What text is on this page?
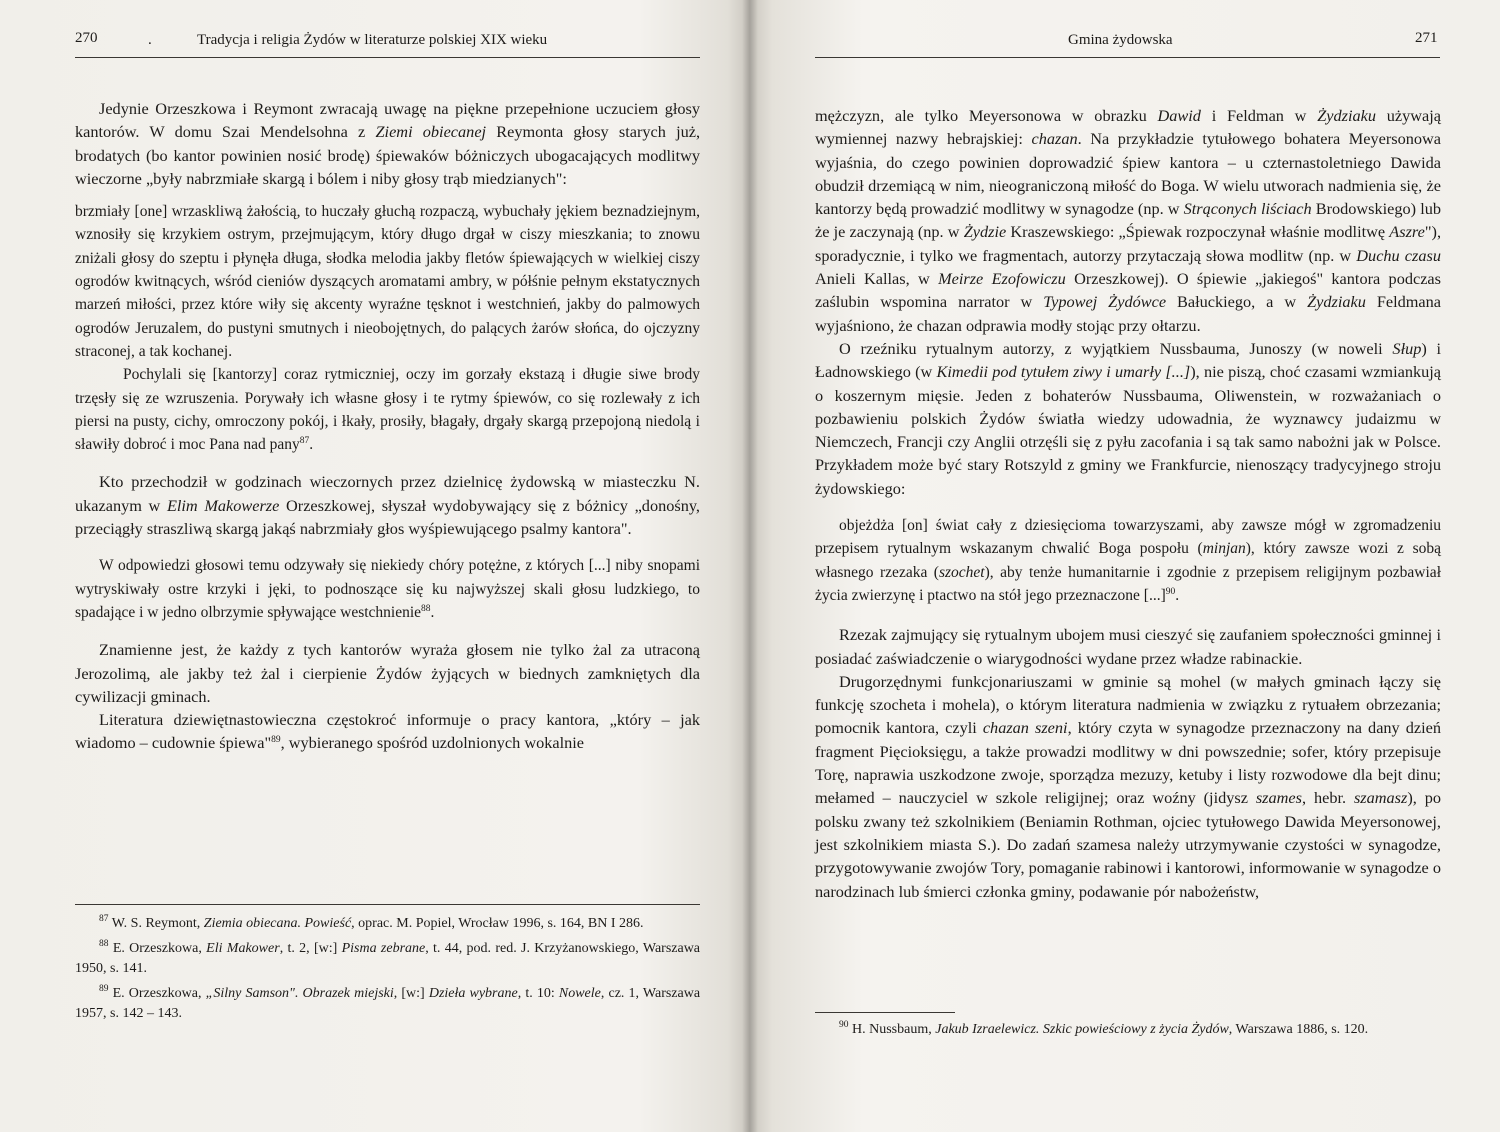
270	.	Tradycja i religia Żydów w literaturze polskiej XIX wieku

Jedynie Orzeszkowa i Reymont zwracają uwagę na piękne przepełnione uczuciem głosy kantorów. W domu Szai Mendelsohna z Ziemi obiecanej Reymonta głosy starych już, brodatych (bo kantor powinien nosić brodę) śpiewaków bóżniczych ubogacających modlitwy wieczorne „były nabrzmiałe skargą i bólem i niby głosy trąb miedzianych":

brzmiały [one] wrzaskliwą żałością, to huczały głuchą rozpaczą, wybuchały jękiem beznadziejnym, wznosiły się krzykiem ostrym, przejmującym, który długo drgał w ciszy mieszkania; to znowu zniżali głosy do szeptu i płynęła długa, słodka melodia jakby fletów śpiewających w wielkiej ciszy ogrodów kwitnących, wśród cieniów dyszących aromatami ambry, w półśnie pełnym ekstatycznych marzeń miłości, przez które wiły się akcenty wyraźne tęsknot i westchnień, jakby do palmowych ogrodów Jeruzalem, do pustyni smutnych i nieobojętnych, do palących żarów słońca, do ojczyzny straconej, a tak kochanej.

Pochylali się [kantorzy] coraz rytmiczniej, oczy im gorzały ekstazą i długie siwe brody trzęsły się ze wzruszenia. Porywały ich własne głosy i te rytmy śpiewów, co się rozlewały z ich piersi na pusty, cichy, omroczony pokój, i łkały, prosiły, błagały, drgały skargą przepojoną niedolą i sławiły dobroć i moc Pana nad pany$^{87}$.

Kto przechodził w godzinach wieczornych przez dzielnicę żydowską w miasteczku N. ukazanym w Elim Makowerze Orzeszkowej, słyszał wydobywający się z bóżnicy „donośny, przeciągły straszliwą skargą jakąś nabrzmiały głos wyśpiewującego psalmy kantora".

W odpowiedzi głosowi temu odzywały się niekiedy chóry potężne, z których [...] niby snopami wytryskiwały ostre krzyki i jęki, to podnoszące się ku najwyższej skali głosu ludzkiego, to spadające i w jedno olbrzymie spływające westchnienie$^{88}$.

Znamienne jest, że każdy z tych kantorów wyraża głosem nie tylko żal za utraconą Jerozolimą, ale jakby też żal i cierpienie Żydów żyjących w biednych zamkniętych dla cywilizacji gminach.

Literatura dziewiętnastowieczna częstokroć informuje o pracy kantora, „który – jak wiadomo – cudownie śpiewa"$^{89}$, wybieranego spośród uzdolnionych wokalnie

$^{87}$ W. S. Reymont, Ziemia obiecana. Powieść, oprac. M. Popiel, Wrocław 1996, s. 164, BN I 286.

$^{88}$ E. Orzeszkowa, Eli Makower, t. 2, [w:] Pisma zebrane, t. 44, pod. red. J. Krzyżanowskiego, Warszawa 1950, s. 141.

$^{89}$ E. Orzeszkowa, „Silny Samson". Obrazek miejski, [w:] Dzieła wybrane, t. 10: Nowele, cz. 1, Warszawa 1957, s. 142 – 143.

Gmina żydowska	271

mężczyzn, ale tylko Meyersonowa w obrazku Dawid i Feldman w Żydziaku używają wymiennej nazwy hebrajskiej: chazan. Na przykładzie tytułowego bohatera Meyersonowa wyjaśnia, do czego powinien doprowadzić śpiew kantora – u czternastoletniego Dawida obudził drzemiącą w nim, nieograniczoną miłość do Boga. W wielu utworach nadmienia się, że kantorzy będą prowadzić modlitwy w synagodze (np. w Strąconych liściach Brodowskiego) lub że je zaczynają (np. w Żydzie Kraszewskiego: „Śpiewak rozpoczynał właśnie modlitwę Aszre"), sporadycznie, i tylko we fragmentach, autorzy przytaczają słowa modlitw (np. w Duchu czasu Anieli Kallas, w Meirze Ezofowiczu Orzeszkowej). O śpiewie „jakiegoś" kantora podczas zaślubin wspomina narrator w Typowej Żydówce Bałuckiego, a w Żydziaku Feldmana wyjaśniono, że chazan odprawia modły stojąc przy ołtarzu.

O rzeźniku rytualnym autorzy, z wyjątkiem Nussbauma, Junoszy (w noweli Słup) i Ładnowskiego (w Kimedii pod tytułem ziwy i umarły [...]), nie piszą, choć czasami wzmiankują o koszernym mięsie. Jeden z bohaterów Nussbauma, Oliwenstein, w rozważaniach o pozbawieniu polskich Żydów światła wiedzy udowadnia, że wyznawcy judaizmu w Niemczech, Francji czy Anglii otrzęśli się z pyłu zacofania i są tak samo nabożni jak w Polsce. Przykładem może być stary Rotszyld z gminy we Frankfurcie, nienoszący tradycyjnego stroju żydowskiego:

objeżdża [on] świat cały z dziesięcioma towarzyszami, aby zawsze mógł w zgromadzeniu przepisem rytualnym wskazanym chwalić Boga pospołu (minjan), który zawsze wozi z sobą własnego rzezaka (szochet), aby tenże humanitarnie i zgodnie z przepisem religijnym pozbawiał życia zwierzynę i ptactwo na stół jego przeznaczone [...]$^{90}$.

Rzezak zajmujący się rytualnym ubojem musi cieszyć się zaufaniem społeczności gminnej i posiadać zaświadczenie o wiarygodności wydane przez władze rabinackie.

Drugorzędnymi funkcjonariuszami w gminie są mohel (w małych gminach łączy się funkcję szocheta i mohela), o którym literatura nadmienia w związku z rytuałem obrzezania; pomocnik kantora, czyli chazan szeni, który czyta w synagodze przeznaczony na dany dzień fragment Pięcioksięgu, a także prowadzi modlitwy w dni powszednie; sofer, który przepisuje Torę, naprawia uszkodzone zwoje, sporządza mezuzy, ketuby i listy rozwodowe dla bejt dinu; mełamed – nauczyciel w szkole religijnej; oraz woźny (jidysz szames, hebr. szamasz), po polsku zwany też szkolnikiem (Beniamin Rothman, ojciec tytułowego Dawida Meyersonowej, jest szkolnikiem miasta S.). Do zadań szamesa należy utrzymywanie czystości w synagodze, przygotowywanie zwojów Tory, pomaganie rabinowi i kantorowi, informowanie w synagodze o narodzinach lub śmierci członka gminy, podawanie pór nabożeństw,

$^{90}$ H. Nussbaum, Jakub Izraelewicz. Szkic powieściowy z życia Żydów, Warszawa 1886, s. 120.
